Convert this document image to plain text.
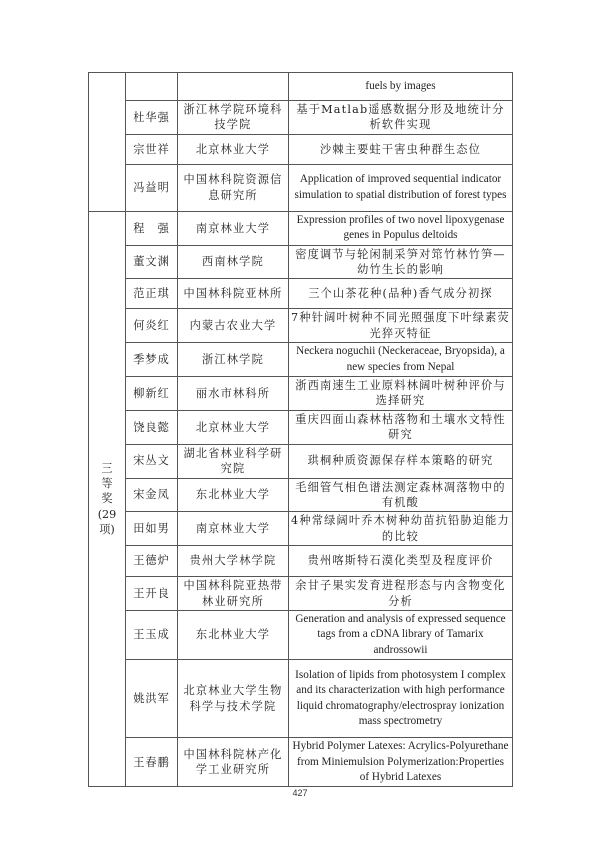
			fuels by images
	杜华强	浙江林学院环境科技学院	基于Matlab遥感数据分形及地统计分析软件实现
	宗世祥	北京林业大学	沙棘主要蛀干害虫种群生态位
	冯益明	中国林科院资源信息研究所	Application of improved sequential indicator simulation to spatial distribution of forest types

三
等
奖
(29
项)	程　强	南京林业大学	Expression profiles of two novel lipoxygenase genes in Populus deltoids
	董文渊	西南林学院	密度调节与轮闲制采笋对筇竹林竹笋—幼竹生长的影响
	范正琪	中国林科院亚林所	三个山茶花种(品种)香气成分初探
	何炎红	内蒙古农业大学	7种针阔叶树种不同光照强度下叶绿素荧光猝灭特征
	季梦成	浙江林学院	Neckera noguchii (Neckeraceae, Bryopsida), a new species from Nepal
	柳新红	丽水市林科所	浙西南速生工业原料林阔叶树种评价与选择研究
	饶良懿	北京林业大学	重庆四面山森林枯落物和土壤水文特性研究
	宋丛文	湖北省林业科学研究院	珙桐种质资源保存样本策略的研究
	宋金凤	东北林业大学	毛细管气相色谱法测定森林凋落物中的有机酸
	田如男	南京林业大学	4种常绿阔叶乔木树种幼苗抗铅胁迫能力的比较
	王德炉	贵州大学林学院	贵州喀斯特石漠化类型及程度评价
	王开良	中国林科院亚热带林业研究所	余甘子果实发育进程形态与内含物变化分析
	王玉成	东北林业大学	Generation and analysis of expressed sequence tags from a cDNA library of Tamarix androssowii
	姚洪军	北京林业大学生物科学与技术学院	Isolation of lipids from photosystem I complex and its characterization with high performance liquid chromatography/electrospray ionization mass spectrometry
	王春鹏	中国林科院林产化学工业研究所	Hybrid Polymer Latexes: Acrylics-Polyurethane from Miniemulsion Polymerization:Properties of Hybrid Latexes
427
